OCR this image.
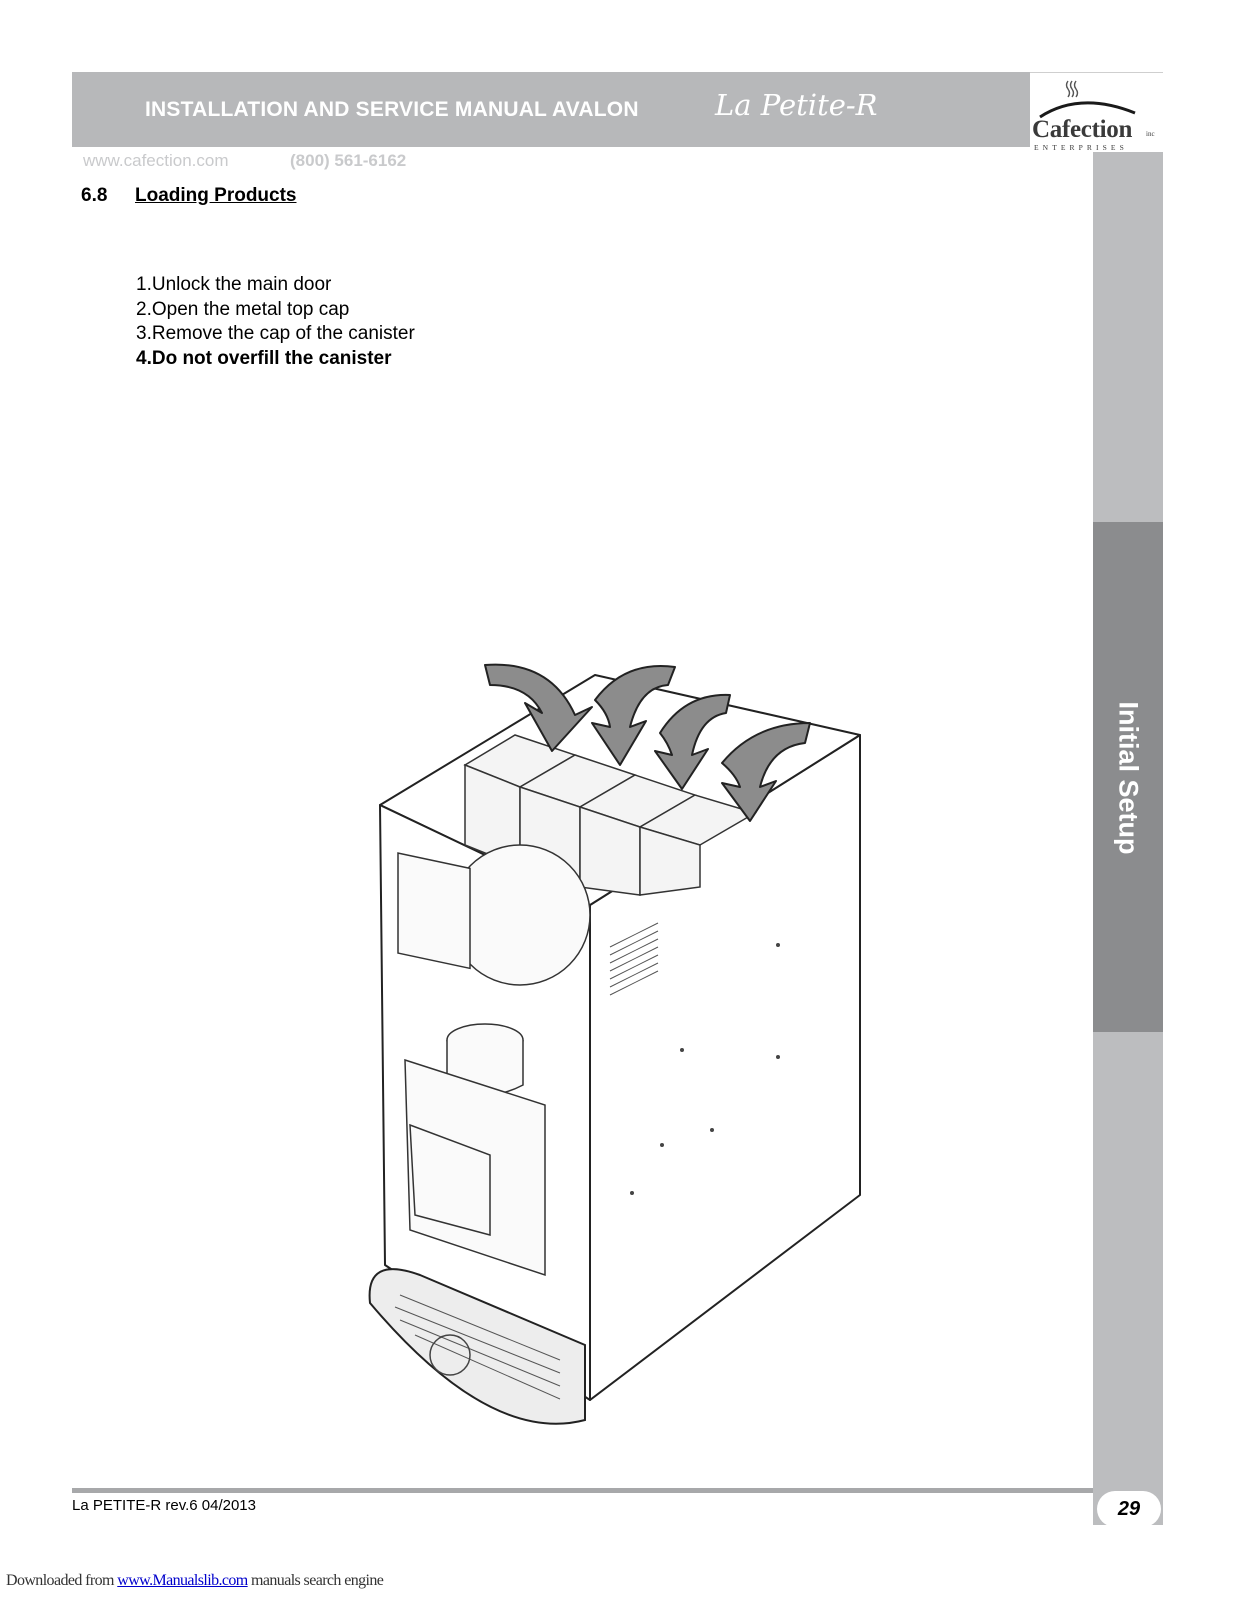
INSTALLATION AND SERVICE MANUAL AVALON	La Petite-R
Cafection inc
ENTERPRISES
Initial Setup
www.cafection.com	(800) 561-6162
6.8 Loading Products
1.Unlock the main door
2.Open the metal top cap
3.Remove the cap of the canister
4.Do not overfill the canister
La PETITE-R rev.6 04/2013	29
Downloaded from www.Manualslib.com manuals search engine
